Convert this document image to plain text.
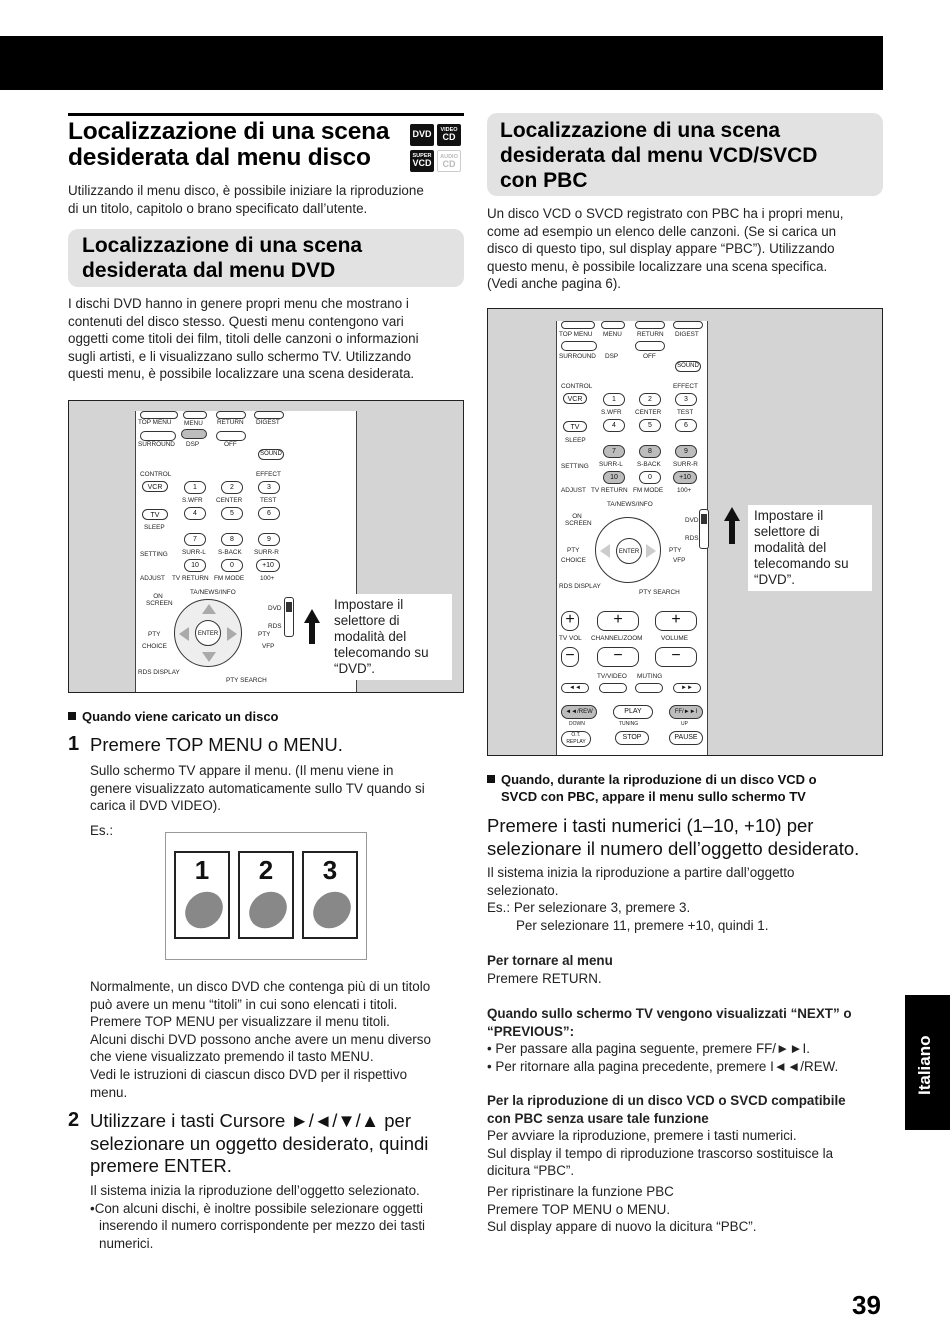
Localizzazione di una scena
desiderata dal menu disco
DVD	VIDEO
CD
SUPER
VCD
AUDIO
CD
Utilizzando il menu disco, è possibile iniziare la riproduzione
di un titolo, capitolo o brano specificato dall’utente.
Localizzazione di una scena
desiderata dal menu DVD
I dischi DVD hanno in genere propri menu che mostrano i
contenuti del disco stesso. Questi menu contengono vari
oggetti come titoli dei film, titoli delle canzoni o informazioni
sugli artisti, e li visualizzano sullo schermo TV. Utilizzando
questi menu, è possibile localizzare una scena desiderata.
TOP MENU MENU RETURN DIGEST
SURROUND DSP	OFF
SOUND
CONTROL	EFFECT
VCR	1	2	3
S.WFR CENTER	TEST
TV	4	5	6
SLEEP
7	8	9
SETTING SURR-L S-BACK SURR-R
10	0	+10
ADJUST TV RETURN FM MODE 100+
ON SCREEN
TA/NEWS/INFO
ENTER
PTY
CHOICE
RDS DISPLAY
PTY
VFP
PTY SEARCH
DVD
RDS
Impostare il
selettore di
modalità del
telecomando su
“DVD”.
Quando viene caricato un disco
1 Premere TOP MENU o MENU.
Sullo schermo TV appare il menu. (Il menu viene in
genere visualizzato automaticamente sullo TV quando si
carica il DVD VIDEO).
Es.:
1	2	3
Normalmente, un disco DVD che contenga più di un titolo
può avere un menu “titoli” in cui sono elencati i titoli.
Premere TOP MENU per visualizzare il menu titoli.
Alcuni dischi DVD possono anche avere un menu diverso
che viene visualizzato premendo il tasto MENU.
Vedi le istruzioni di ciascun disco DVD per il rispettivo
menu.
2 Utilizzare i tasti Cursore ►/◄/▼/▲ per
selezionare un oggetto desiderato, quindi
premere ENTER.
Il sistema inizia la riproduzione dell’oggetto selezionato.
•Con alcuni dischi, è inoltre possibile selezionare oggetti
inserendo il numero corrispondente per mezzo dei tasti
numerici.
Localizzazione di una scena
desiderata dal menu VCD/SVCD
con PBC
Un disco VCD o SVCD registrato con PBC ha i propri menu,
come ad esempio un elenco delle canzoni. (Se si carica un
disco di questo tipo, sul display appare “PBC”). Utilizzando
questo menu, è possibile localizzare una scena specifica.
(Vedi anche pagina 6).
TOP MENU MENU RETURN DIGEST
SURROUND DSP	OFF
SOUND
CONTROL	EFFECT
VCR	1	2	3
S.WFR CENTER TEST
TV	4	5	6
SLEEP
7	8	9
SETTING SURR-L S-BACK SURR-R
10	0	+10
ADJUST TV RETURN FM MODE 100+
ON SCREEN
TA/NEWS/INFO
ENTER
PTY
CHOICE
RDS DISPLAY
PTY
VFP
PTY SEARCH
DVD
RDS
+	+	+
TV VOL CHANNEL/ZOOM	VOLUME
−	−	−
TV/VIDEO MUTING
◄◄	►►
◄◄/REW	PLAY	FF/►►I
DOWN	TUNING	UP
O.T. REPLAY
STOP	PAUSE
Impostare il
selettore di
modalità del
telecomando su
“DVD”.
Quando, durante la riproduzione di un disco VCD o
SVCD con PBC, appare il menu sullo schermo TV
Premere i tasti numerici (1–10, +10) per
selezionare il numero dell’oggetto desiderato.
Il sistema inizia la riproduzione a partire dall’oggetto
selezionato.
Es.: Per selezionare 3, premere 3.
Per selezionare 11, premere +10, quindi 1.
Per tornare al menu
Premere RETURN.
Quando sullo schermo TV vengono visualizzati “NEXT” o
“PREVIOUS”:
• Per passare alla pagina seguente, premere FF/►►I.
• Per ritornare alla pagina precedente, premere I◄◄/REW.
Per la riproduzione di un disco VCD o SVCD compatibile
con PBC senza usare tale funzione
Per avviare la riproduzione, premere i tasti numerici.
Sul display il tempo di riproduzione trascorso sostituisce la
dicitura “PBC”.
Per ripristinare la funzione PBC
Premere TOP MENU o MENU.
Sul display appare di nuovo la dicitura “PBC”.
Italiano
39
